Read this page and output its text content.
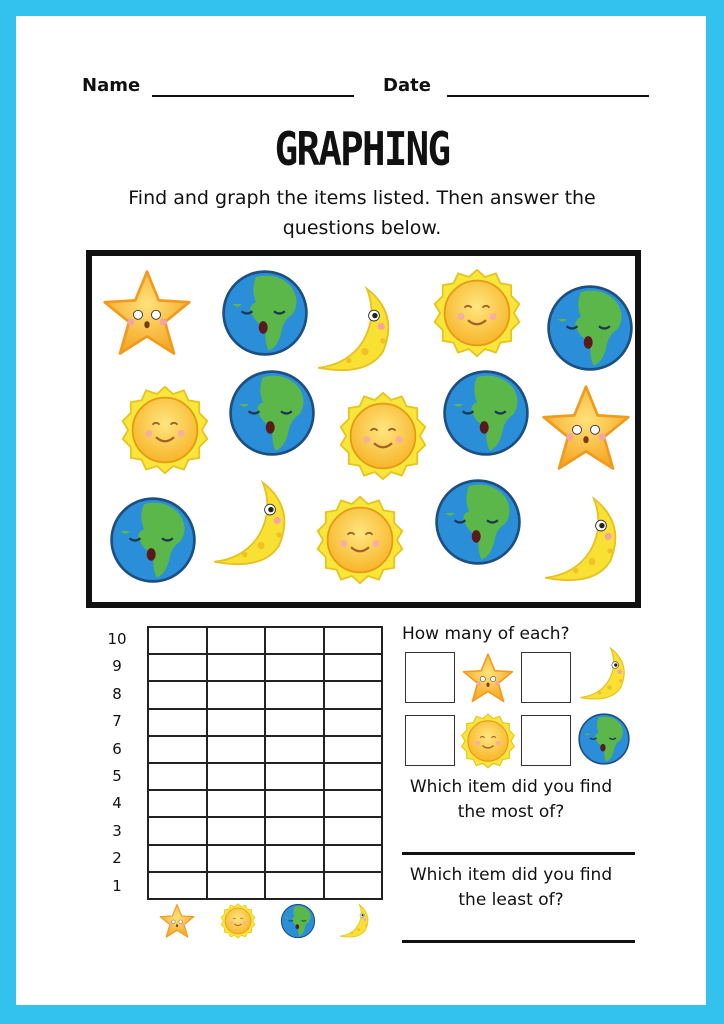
Name	Date
GRAPHING
Find and graph the items listed. Then answer the
questions below.
10
9
8
7
6
5
4
3
2
1
How many of each?
Which item did you find
the most of?
Which item did you find
the least of?
